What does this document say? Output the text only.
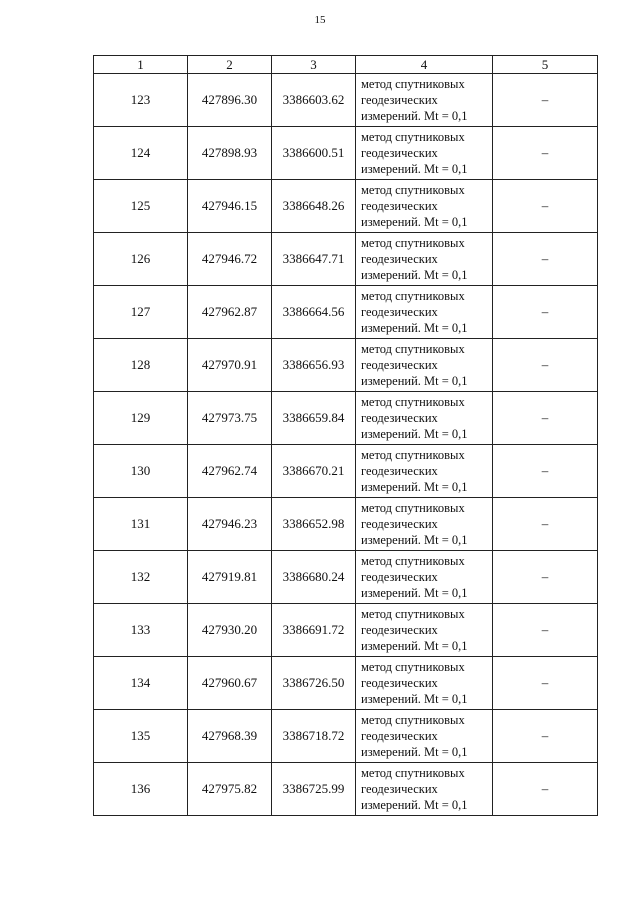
15
1	2	3	4	5
123	427896.30	3386603.62	метод спутниковых
геодезических
измерений. Mt = 0,1	–
124	427898.93	3386600.51	метод спутниковых
геодезических
измерений. Mt = 0,1	–
125	427946.15	3386648.26	метод спутниковых
геодезических
измерений. Mt = 0,1	–
126	427946.72	3386647.71	метод спутниковых
геодезических
измерений. Mt = 0,1	–
127	427962.87	3386664.56	метод спутниковых
геодезических
измерений. Mt = 0,1	–
128	427970.91	3386656.93	метод спутниковых
геодезических
измерений. Mt = 0,1	–
129	427973.75	3386659.84	метод спутниковых
геодезических
измерений. Mt = 0,1	–
130	427962.74	3386670.21	метод спутниковых
геодезических
измерений. Mt = 0,1	–
131	427946.23	3386652.98	метод спутниковых
геодезических
измерений. Mt = 0,1	–
132	427919.81	3386680.24	метод спутниковых
геодезических
измерений. Mt = 0,1	–
133	427930.20	3386691.72	метод спутниковых
геодезических
измерений. Mt = 0,1	–
134	427960.67	3386726.50	метод спутниковых
геодезических
измерений. Mt = 0,1	–
135	427968.39	3386718.72	метод спутниковых
геодезических
измерений. Mt = 0,1	–
136	427975.82	3386725.99	метод спутниковых
геодезических
измерений. Mt = 0,1	–
